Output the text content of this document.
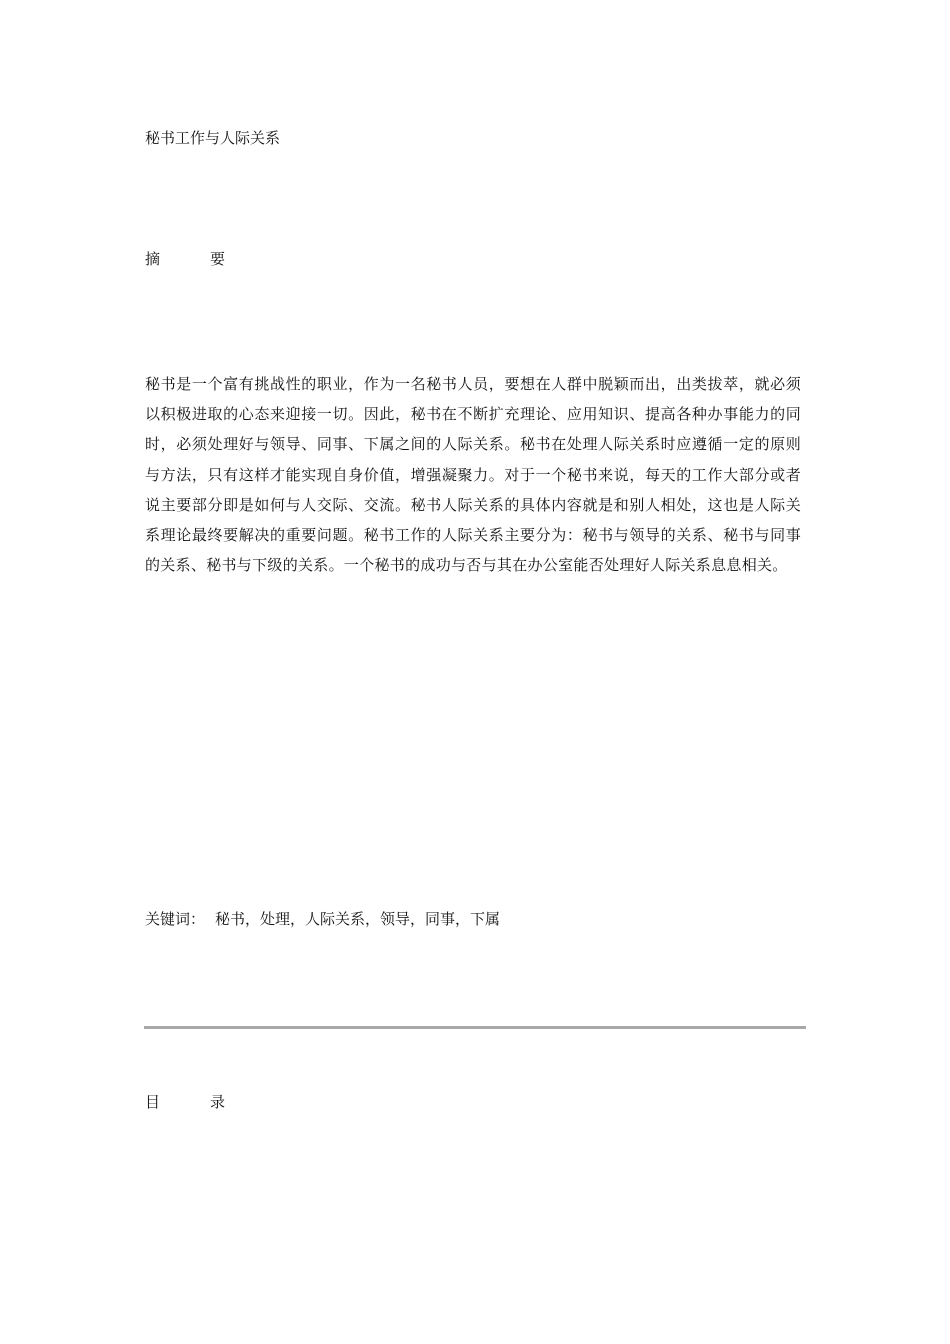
秘书工作与人际关系
摘	要
秘书是一个富有挑战性的职业，作为一名秘书人员，要想在人群中脱颖而出，出类拔萃，就必须以积极进取的心态来迎接一切。因此，秘书在不断扩充理论、应用知识、提高各种办事能力的同时，必须处理好与领导、同事、下属之间的人际关系。秘书在处理人际关系时应遵循一定的原则与方法，只有这样才能实现自身价值，增强凝聚力。对于一个秘书来说，每天的工作大部分或者说主要部分即是如何与人交际、交流。秘书人际关系的具体内容就是和别人相处，这也是人际关系理论最终要解决的重要问题。秘书工作的人际关系主要分为：秘书与领导的关系、秘书与同事的关系、秘书与下级的关系。一个秘书的成功与否与其在办公室能否处理好人际关系息息相关。
关键词： 秘书，处理，人际关系，领导，同事，下属
目	录
